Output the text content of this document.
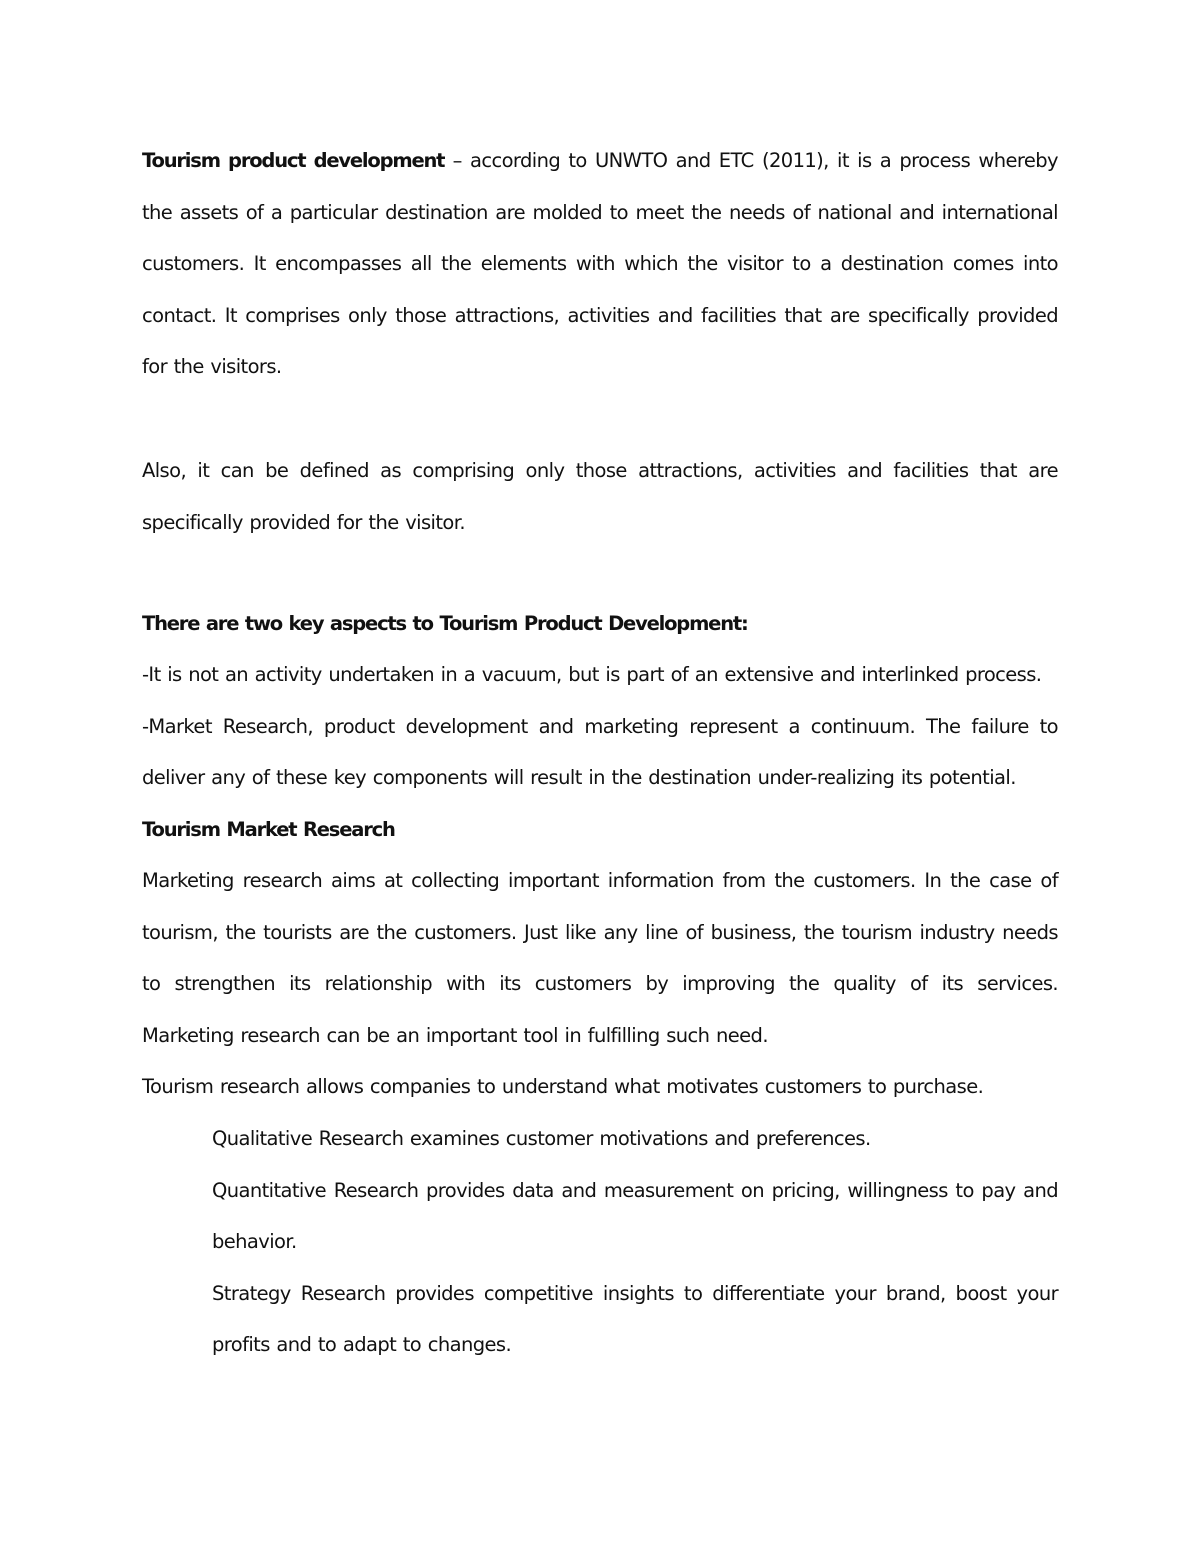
Tourism product development – according to UNWTO and ETC (2011), it is a process whereby the assets of a particular destination are molded to meet the needs of national and international customers. It encompasses all the elements with which the visitor to a destination comes into contact. It comprises only those attractions, activities and facilities that are specifically provided for the visitors.

Also, it can be defined as comprising only those attractions, activities and facilities that are specifically provided for the visitor.

There are two key aspects to Tourism Product Development:

-It is not an activity undertaken in a vacuum, but is part of an extensive and interlinked process.

-Market Research, product development and marketing represent a continuum. The failure to deliver any of these key components will result in the destination under-realizing its potential.

Tourism Market Research

Marketing research aims at collecting important information from the customers. In the case of tourism, the tourists are the customers. Just like any line of business, the tourism industry needs to strengthen its relationship with its customers by improving the quality of its services. Marketing research can be an important tool in fulfilling such need.

Tourism research allows companies to understand what motivates customers to purchase.

Qualitative Research examines customer motivations and preferences.

Quantitative Research provides data and measurement on pricing, willingness to pay and behavior.

Strategy Research provides competitive insights to differentiate your brand, boost your profits and to adapt to changes.
